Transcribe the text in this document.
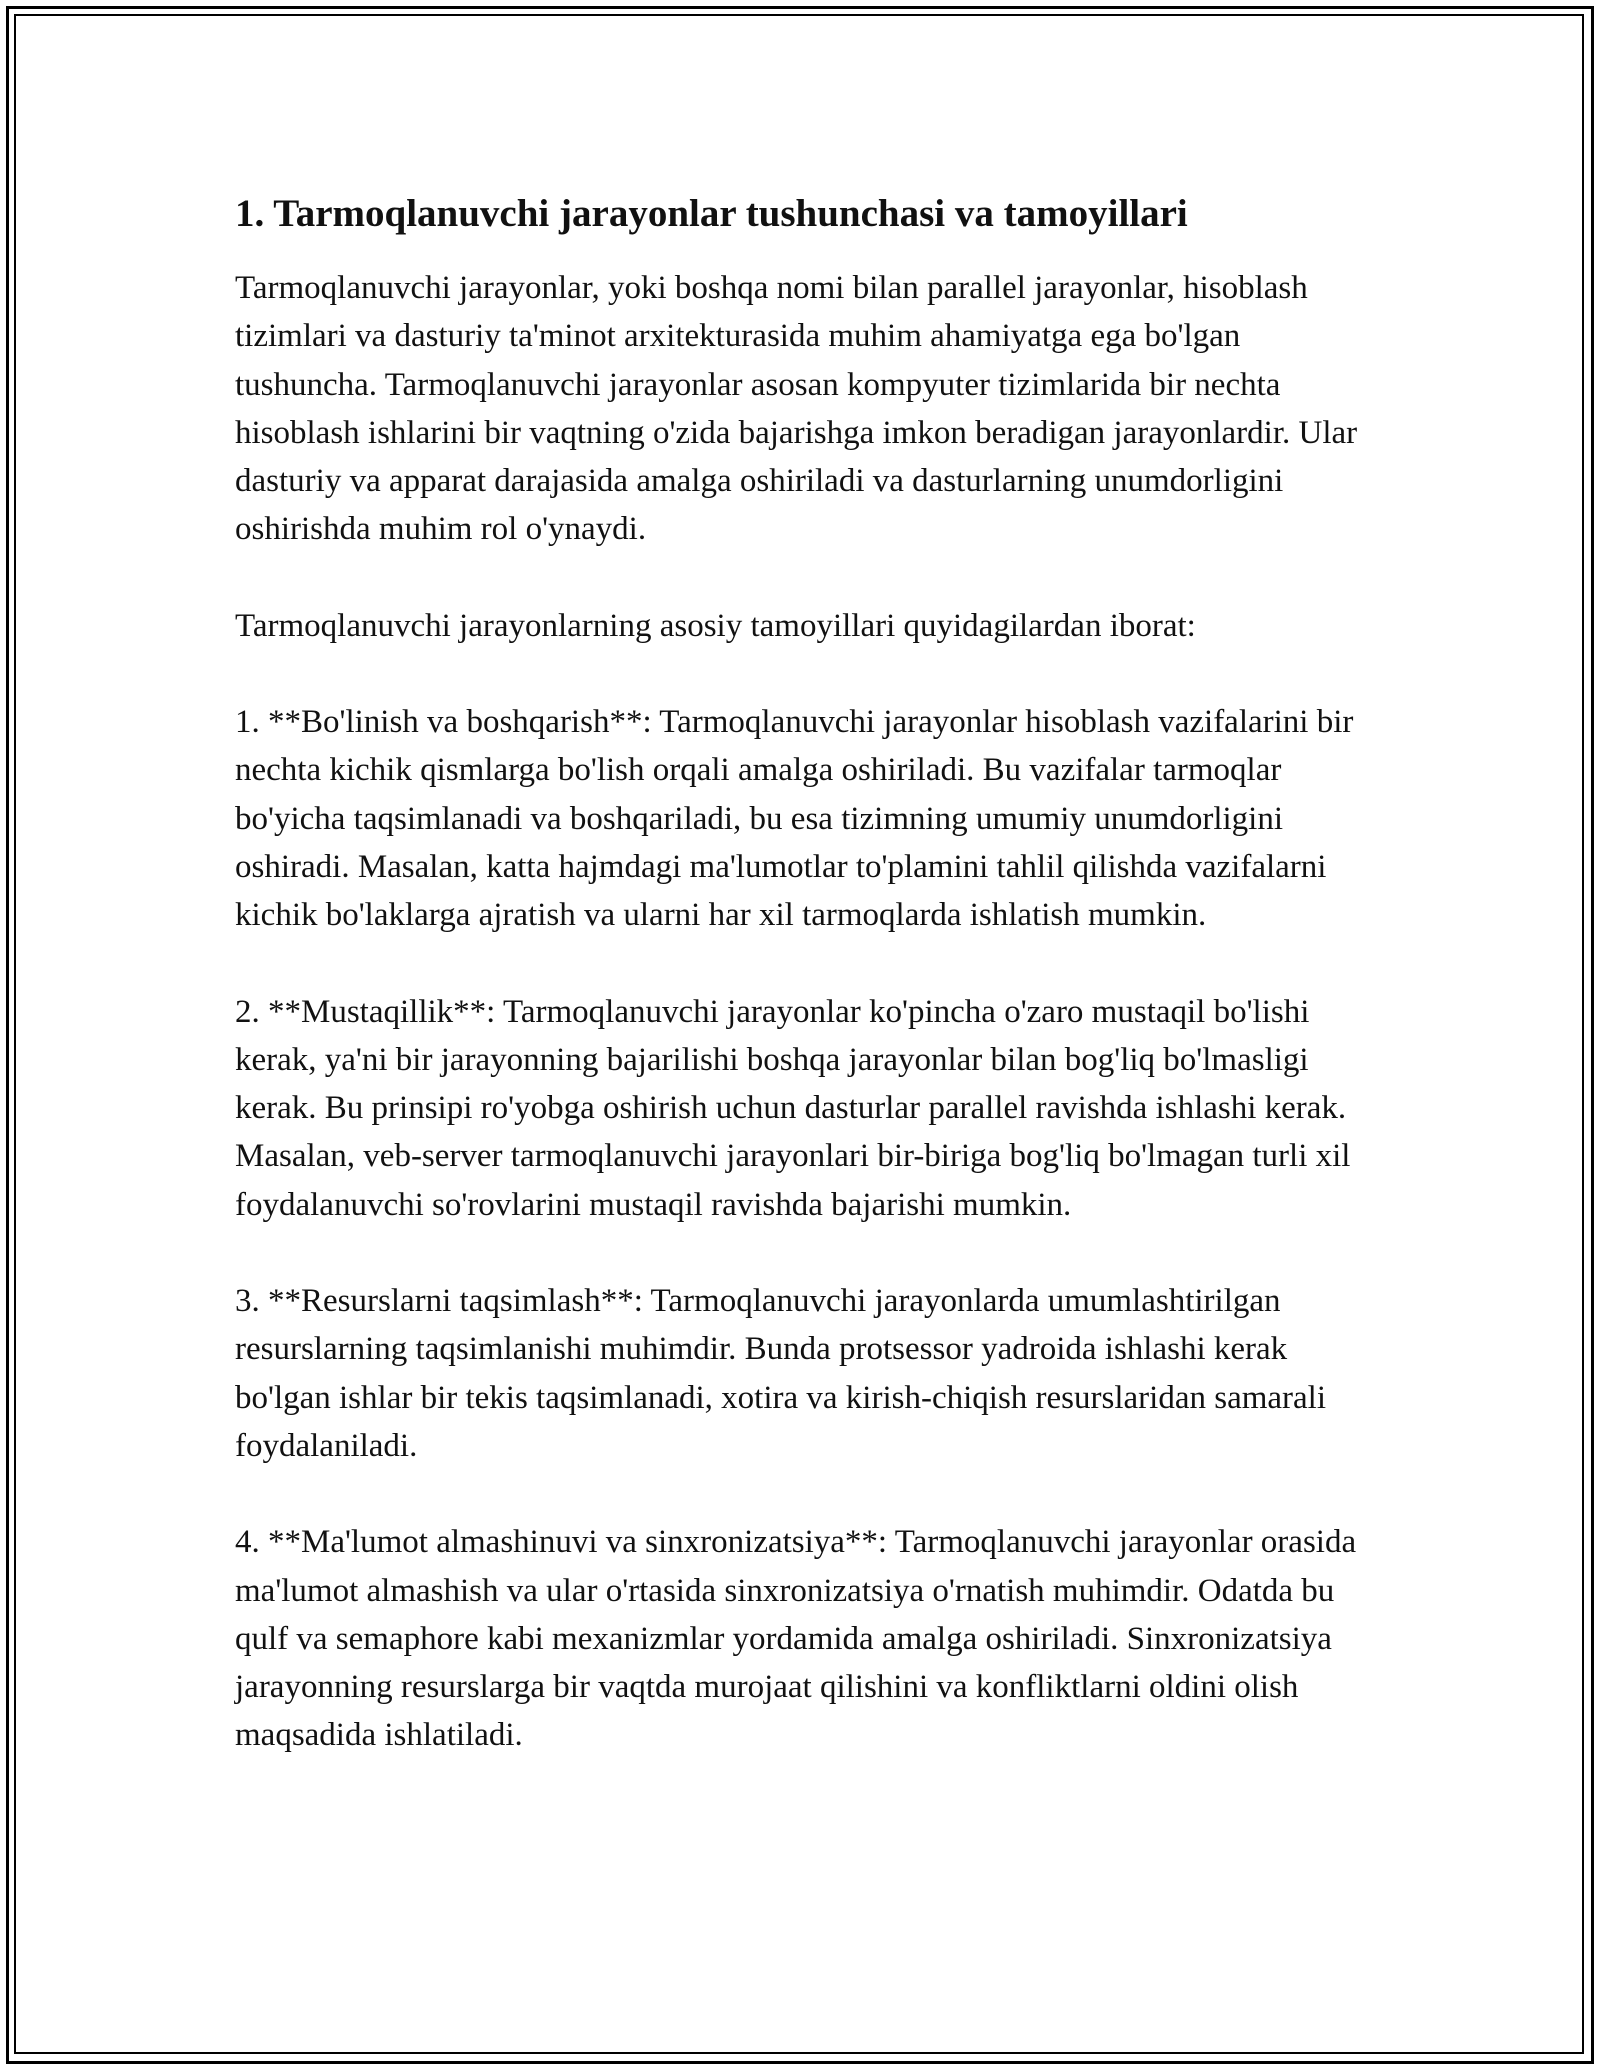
1. Tarmoqlanuvchi jarayonlar tushunchasi va tamoyillari

Tarmoqlanuvchi jarayonlar, yoki boshqa nomi bilan parallel jarayonlar, hisoblash tizimlari va dasturiy ta'minot arxitekturasida muhim ahamiyatga ega bo'lgan tushuncha. Tarmoqlanuvchi jarayonlar asosan kompyuter tizimlarida bir nechta hisoblash ishlarini bir vaqtning o'zida bajarishga imkon beradigan jarayonlardir. Ular dasturiy va apparat darajasida amalga oshiriladi va dasturlarning unumdorligini oshirishda muhim rol o'ynaydi.

Tarmoqlanuvchi jarayonlarning asosiy tamoyillari quyidagilardan iborat:

1. **Bo'linish va boshqarish**: Tarmoqlanuvchi jarayonlar hisoblash vazifalarini bir nechta kichik qismlarga bo'lish orqali amalga oshiriladi. Bu vazifalar tarmoqlar bo'yicha taqsimlanadi va boshqariladi, bu esa tizimning umumiy unumdorligini oshiradi. Masalan, katta hajmdagi ma'lumotlar to'plamini tahlil qilishda vazifalarni kichik bo'laklarga ajratish va ularni har xil tarmoqlarda ishlatish mumkin.

2. **Mustaqillik**: Tarmoqlanuvchi jarayonlar ko'pincha o'zaro mustaqil bo'lishi kerak, ya'ni bir jarayonning bajarilishi boshqa jarayonlar bilan bog'liq bo'lmasligi kerak. Bu prinsipi ro'yobga oshirish uchun dasturlar parallel ravishda ishlashi kerak. Masalan, veb-server tarmoqlanuvchi jarayonlari bir-biriga bog'liq bo'lmagan turli xil foydalanuvchi so'rovlarini mustaqil ravishda bajarishi mumkin.

3. **Resurslarni taqsimlash**: Tarmoqlanuvchi jarayonlarda umumlashtirilgan resurslarning taqsimlanishi muhimdir. Bunda protsessor yadroida ishlashi kerak bo'lgan ishlar bir tekis taqsimlanadi, xotira va kirish-chiqish resurslaridan samarali foydalaniladi.

4. **Ma'lumot almashinuvi va sinxronizatsiya**: Tarmoqlanuvchi jarayonlar orasida ma'lumot almashish va ular o'rtasida sinxronizatsiya o'rnatish muhimdir. Odatda bu qulf va semaphore kabi mexanizmlar yordamida amalga oshiriladi. Sinxronizatsiya jarayonning resurslarga bir vaqtda murojaat qilishini va konfliktlarni oldini olish maqsadida ishlatiladi.
